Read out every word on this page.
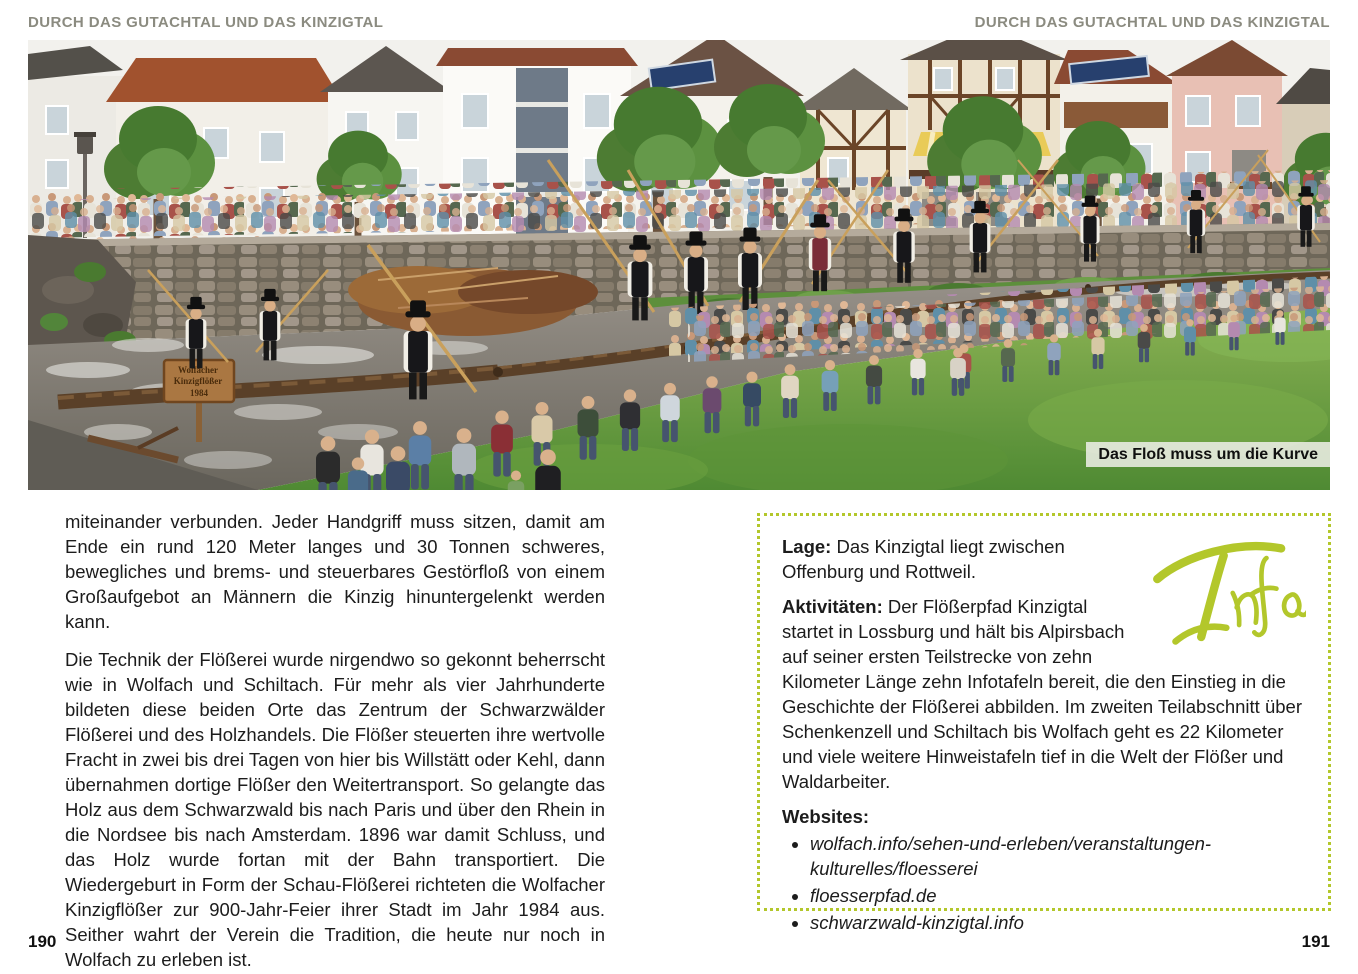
DURCH DAS GUTACHTAL UND DAS KINZIGTAL	DURCH DAS GUTACHTAL UND DAS KINZIGTAL
Wolfacher Kinzigflößer 1984
Das Floß muss um die Kurve

miteinander verbunden. Jeder Handgriff muss sitzen, damit am Ende ein rund 120 Meter langes und 30 Tonnen schweres, bewegliches und brems- und steuerbares Gestörfloß von einem Großaufgebot an Männern die Kinzig hinuntergelenkt werden kann.

Die Technik der Flößerei wurde nirgendwo so gekonnt beherrscht wie in Wolfach und Schiltach. Für mehr als vier Jahrhunderte bildeten diese beiden Orte das Zentrum der Schwarzwälder Flößerei und des Holzhandels. Die Flößer steuerten ihre wertvolle Fracht in zwei bis drei Tagen von hier bis Willstätt oder Kehl, dann übernahmen dortige Flößer den Weitertransport. So gelangte das Holz aus dem Schwarzwald bis nach Paris und über den Rhein in die Nordsee bis nach Amsterdam. 1896 war damit Schluss, und das Holz wurde fortan mit der Bahn transportiert. Die Wiedergeburt in Form der Schau-Flößerei richteten die Wolfacher Kinzigflößer zur 900-Jahr-Feier ihrer Stadt im Jahr 1984 aus. Seither wahrt der Verein die Tradition, die heute nur noch in Wolfach zu erleben ist.

Lage: Das Kinzigtal liegt zwischen Offenburg und Rottweil.

Aktivitäten: Der Flößerpfad Kinzigtal startet in Lossburg und hält bis Alpirsbach auf seiner ersten Teilstrecke von zehn Kilometer Länge zehn Infotafeln bereit, die den Einstieg in die Geschichte der Flößerei abbilden. Im zweiten Teilabschnitt über Schenkenzell und Schiltach bis Wolfach geht es 22 Kilometer und viele weitere Hinweistafeln tief in die Welt der Flößer und Waldarbeiter.

Websites:

• wolfach.info/sehen-und-erleben/veranstaltungen-kulturelles/floesserei
• floesserpfad.de
• schwarzwald-kinzigtal.info
190	191
